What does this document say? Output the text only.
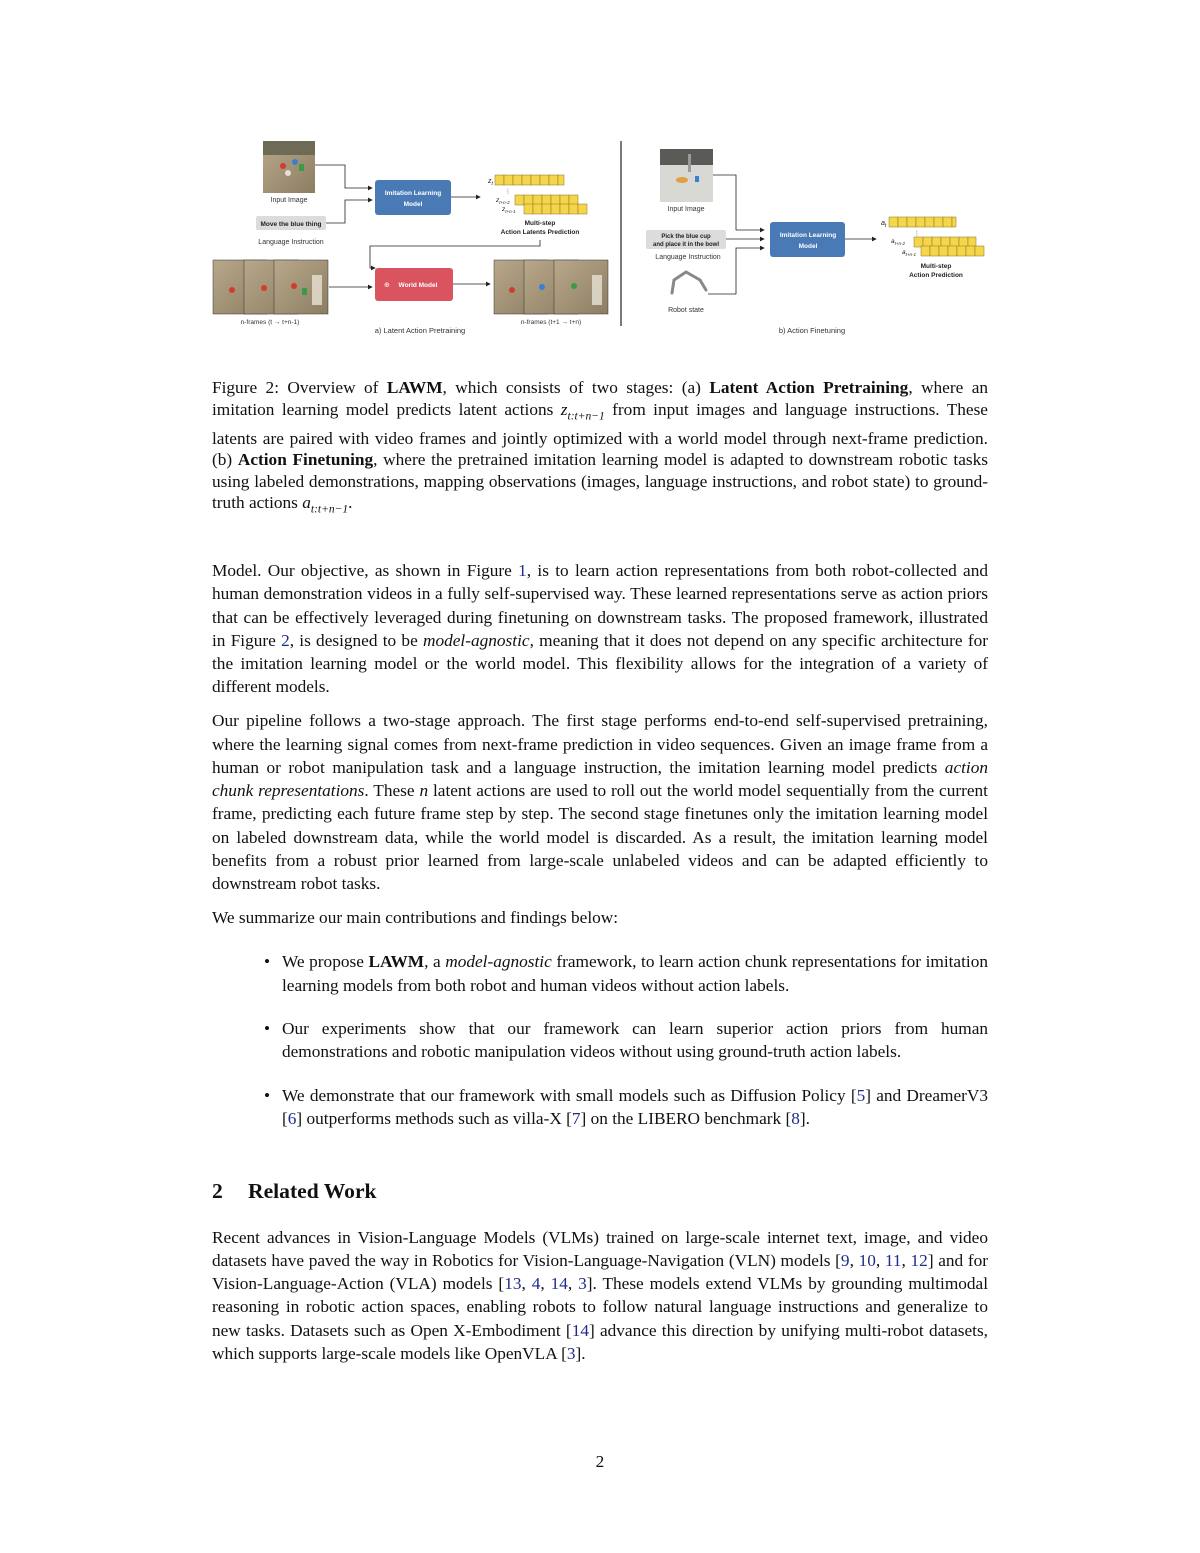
Input Image
Move the blue thing
Language Instruction
Imitation Learning
Model
$z_t$
⋮
$z_{t+n-2}$
$z_{t+n-1}$
Multi-step
Action Latents Prediction
n-frames (t → t+n-1)
⊕ World Model
n-frames (t+1 → t+n)
a) Latent Action Pretraining
Input Image
Pick the blue cup
and place it in the bowl
Language Instruction
Robot state
Imitation Learning
Model
$a_t$
⋮
$a_{t+n-2}$
$a_{t+n-1}$
Multi-step
Action Prediction
b) Action Finetuning
Figure 2: Overview of LAWM, which consists of two stages: (a) Latent Action Pretraining, where an imitation learning model predicts latent actions $z_{t:t+n-1}$ from input images and language instructions. These latents are paired with video frames and jointly optimized with a world model through next-frame prediction. (b) Action Finetuning, where the pretrained imitation learning model is adapted to downstream robotic tasks using labeled demonstrations, mapping observations (images, language instructions, and robot state) to ground-truth actions $a_{t:t+n-1}$.

Model. Our objective, as shown in Figure 1, is to learn action representations from both robot-collected and human demonstration videos in a fully self-supervised way. These learned representations serve as action priors that can be effectively leveraged during finetuning on downstream tasks. The proposed framework, illustrated in Figure 2, is designed to be model-agnostic, meaning that it does not depend on any specific architecture for the imitation learning model or the world model. This flexibility allows for the integration of a variety of different models.

Our pipeline follows a two-stage approach. The first stage performs end-to-end self-supervised pretraining, where the learning signal comes from next-frame prediction in video sequences. Given an image frame from a human or robot manipulation task and a language instruction, the imitation learning model predicts action chunk representations. These n latent actions are used to roll out the world model sequentially from the current frame, predicting each future frame step by step. The second stage finetunes only the imitation learning model on labeled downstream data, while the world model is discarded. As a result, the imitation learning model benefits from a robust prior learned from large-scale unlabeled videos and can be adapted efficiently to downstream robot tasks.

We summarize our main contributions and findings below:

• We propose LAWM, a model-agnostic framework, to learn action chunk representations for imitation learning models from both robot and human videos without action labels.
• Our experiments show that our framework can learn superior action priors from human demonstrations and robotic manipulation videos without using ground-truth action labels.
• We demonstrate that our framework with small models such as Diffusion Policy [5] and DreamerV3 [6] outperforms methods such as villa-X [7] on the LIBERO benchmark [8].
2 Related Work

Recent advances in Vision-Language Models (VLMs) trained on large-scale internet text, image, and video datasets have paved the way in Robotics for Vision-Language-Navigation (VLN) models [9, 10, 11, 12] and for Vision-Language-Action (VLA) models [13, 4, 14, 3]. These models extend VLMs by grounding multimodal reasoning in robotic action spaces, enabling robots to follow natural language instructions and generalize to new tasks. Datasets such as Open X-Embodiment [14] advance this direction by unifying multi-robot datasets, which supports large-scale models like OpenVLA [3].

2
